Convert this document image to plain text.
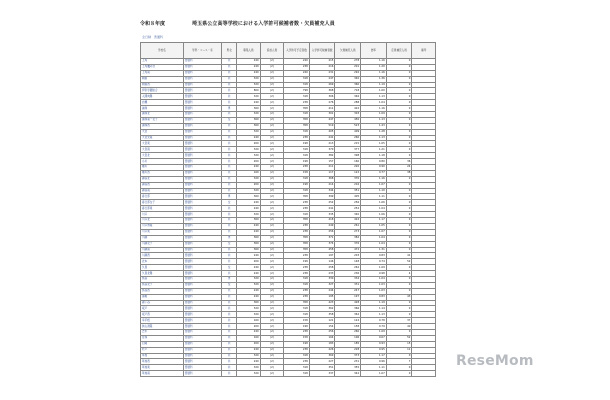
令和８年度	埼玉県公立高等学校における入学許可候補者数・欠員補充人員
全日制　普通科
学校名	学科・コース・系	男女	募集人員	追加人員	入学許可予定者数	入学許可候補者数	欠員補充人員	倍率	定員補充人員	備考
上尾	普通科	共	240	(2)	240	215	278	1.16	0	
上尾鷹の台	普通科	共	240	(2)	238	216	201	1.20	0	
上尾南	普通科	共	240	(2)	240	231	292	1.16	0	
朝霞	普通科	共	320	(2)	318	247	340	1.36	0	
朝霞西	普通科	共	320	(2)	318	269	360	1.19	0	
伊奈学園総合	普通科	共	800	(2)	798	368	718	1.00	0	
入間向陽	普通科	共	320	(2)	318	306	346	1.13	0	
岩槻	普通科	共	240	(2)	238	276	288	1.04	0	
浦和	普通科	男	360	(2)	358	411	422	1.16	0	
浦和北	普通科	共	320	(2)	318	301	303	1.09	0	
浦和第一女子	普通科	女	360	(2)	358	447	450	1.13	0	
浦和西	普通科	共	360	(2)	358	519	523	1.43	0	
大宮	普通科	共	320	(2)	318	405	409	1.28	0	
大宮光陵	普通科	共	240	(2)	238	241	260	1.13	0	
大宮東	普通科	共	200	(2)	198	213	215	1.05	0	
大宮南	普通科	共	320	(2)	318	370	377	1.21	0	
大宮北	普通科	共	320	(2)	318	382	398	1.18	0	
小川	普通科	共	200	(2)	198	157	160	0.80	36	
桶川	普通科	共	240	(2)	238	211	220	0.90	24	
桶川西	普通科	共	160	(2)	158	117	122	0.77	38	
越谷北	普通科	共	320	(2)	318	368	370	1.16	0	
越谷西	普通科	共	200	(2)	198	214	216	1.07	0	
越谷南	普通科	共	320	(2)	318	344	351	1.10	0	
春日部	普通科	男	360	(2)	358	399	405	1.11	0	
春日部女子	普通科	女	240	(2)	238	252	256	1.06	0	
春日部東	普通科	共	240	(2)	238	241	252	1.04	0	
川口	普通科	共	320	(2)	318	335	340	1.06	0	
川口北	普通科	共	360	(2)	358	418	422	1.17	0	
川口青陵	普通科	共	240	(2)	238	249	261	1.05	0	
川口東	普通科	共	240	(2)	238	256	273	1.07	0	
川越	普通科	男	360	(2)	358	371	382	1.04	0	
川越女子	普通科	女	360	(2)	358	374	376	1.04	0	
川越南	普通科	共	360	(2)	358	458	472	1.31	0	
川越西	普通科	共	240	(2)	238	197	203	0.83	41	
北本	普通科	共	200	(2)	198	146	148	0.74	52	
久喜	普通科	女	240	(2)	238	258	262	1.09	0	
久喜北陽	普通科	共	240	(2)	238	233	236	0.98	4	
熊谷	普通科	男	320	(2)	318	330	334	1.04	0	
熊谷女子	普通科	女	320	(2)	318	327	331	1.03	0	
熊谷西	普通科	共	240	(2)	238	244	247	1.03	0	
鴻巣	普通科	共	240	(2)	238	195	197	0.83	43	
越ヶ谷	普通科	共	360	(2)	358	423	428	1.19	0	
坂戸	普通科	共	320	(2)	318	362	366	1.14	0	
坂戸西	普通科	共	320	(2)	318	358	362	1.13	0	
幸手桜	普通科	共	160	(2)	158	121	124	0.78	37	
狭山清陵	普通科	共	200	(2)	198	154	158	0.79	40	
志木	普通科	共	240	(2)	238	256	260	1.09	0	
庄和	普通科	共	160	(2)	158	104	106	0.67	52	
白岡	普通科	共	200	(2)	198	183	185	0.93	15	
杉戸	普通科	共	240	(2)	238	226	228	0.95	11	
草加	普通科	共	320	(2)	318	369	373	1.17	0	
草加西	普通科	共	240	(2)	238	227	231	0.96	7	
草加東	普通科	共	320	(2)	318	351	355	1.11	0	
草加南	普通科	共	320	(2)	318	337	342	1.07	0	
ReseMom
